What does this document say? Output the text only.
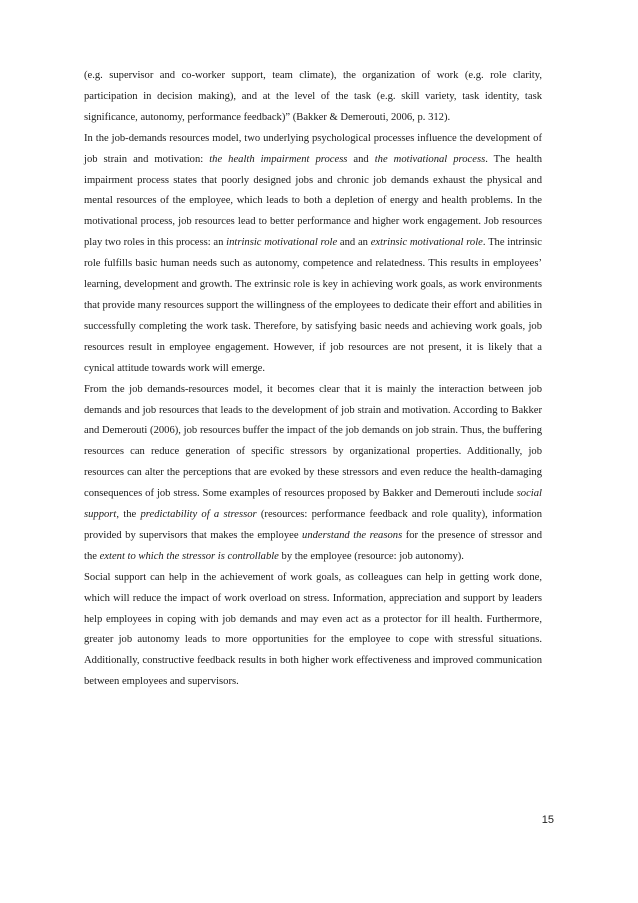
(e.g. supervisor and co-worker support, team climate), the organization of work (e.g. role clarity, participation in decision making), and at the level of the task (e.g. skill variety, task identity, task significance, autonomy, performance feedback)” (Bakker & Demerouti, 2006, p. 312).

In the job-demands resources model, two underlying psychological processes influence the development of job strain and motivation: the health impairment process and the motivational process. The health impairment process states that poorly designed jobs and chronic job demands exhaust the physical and mental resources of the employee, which leads to both a depletion of energy and health problems. In the motivational process, job resources lead to better performance and higher work engagement. Job resources play two roles in this process: an intrinsic motivational role and an extrinsic motivational role. The intrinsic role fulfills basic human needs such as autonomy, competence and relatedness. This results in employees’ learning, development and growth. The extrinsic role is key in achieving work goals, as work environments that provide many resources support the willingness of the employees to dedicate their effort and abilities in successfully completing the work task. Therefore, by satisfying basic needs and achieving work goals, job resources result in employee engagement. However, if job resources are not present, it is likely that a cynical attitude towards work will emerge.

From the job demands-resources model, it becomes clear that it is mainly the interaction between job demands and job resources that leads to the development of job strain and motivation. According to Bakker and Demerouti (2006), job resources buffer the impact of the job demands on job strain. Thus, the buffering resources can reduce generation of specific stressors by organizational properties. Additionally, job resources can alter the perceptions that are evoked by these stressors and even reduce the health-damaging consequences of job stress. Some examples of resources proposed by Bakker and Demerouti include social support, the predictability of a stressor (resources: performance feedback and role quality), information provided by supervisors that makes the employee understand the reasons for the presence of stressor and the extent to which the stressor is controllable by the employee (resource: job autonomy).

Social support can help in the achievement of work goals, as colleagues can help in getting work done, which will reduce the impact of work overload on stress. Information, appreciation and support by leaders help employees in coping with job demands and may even act as a protector for ill health. Furthermore, greater job autonomy leads to more opportunities for the employee to cope with stressful situations. Additionally, constructive feedback results in both higher work effectiveness and improved communication between employees and supervisors.

15
